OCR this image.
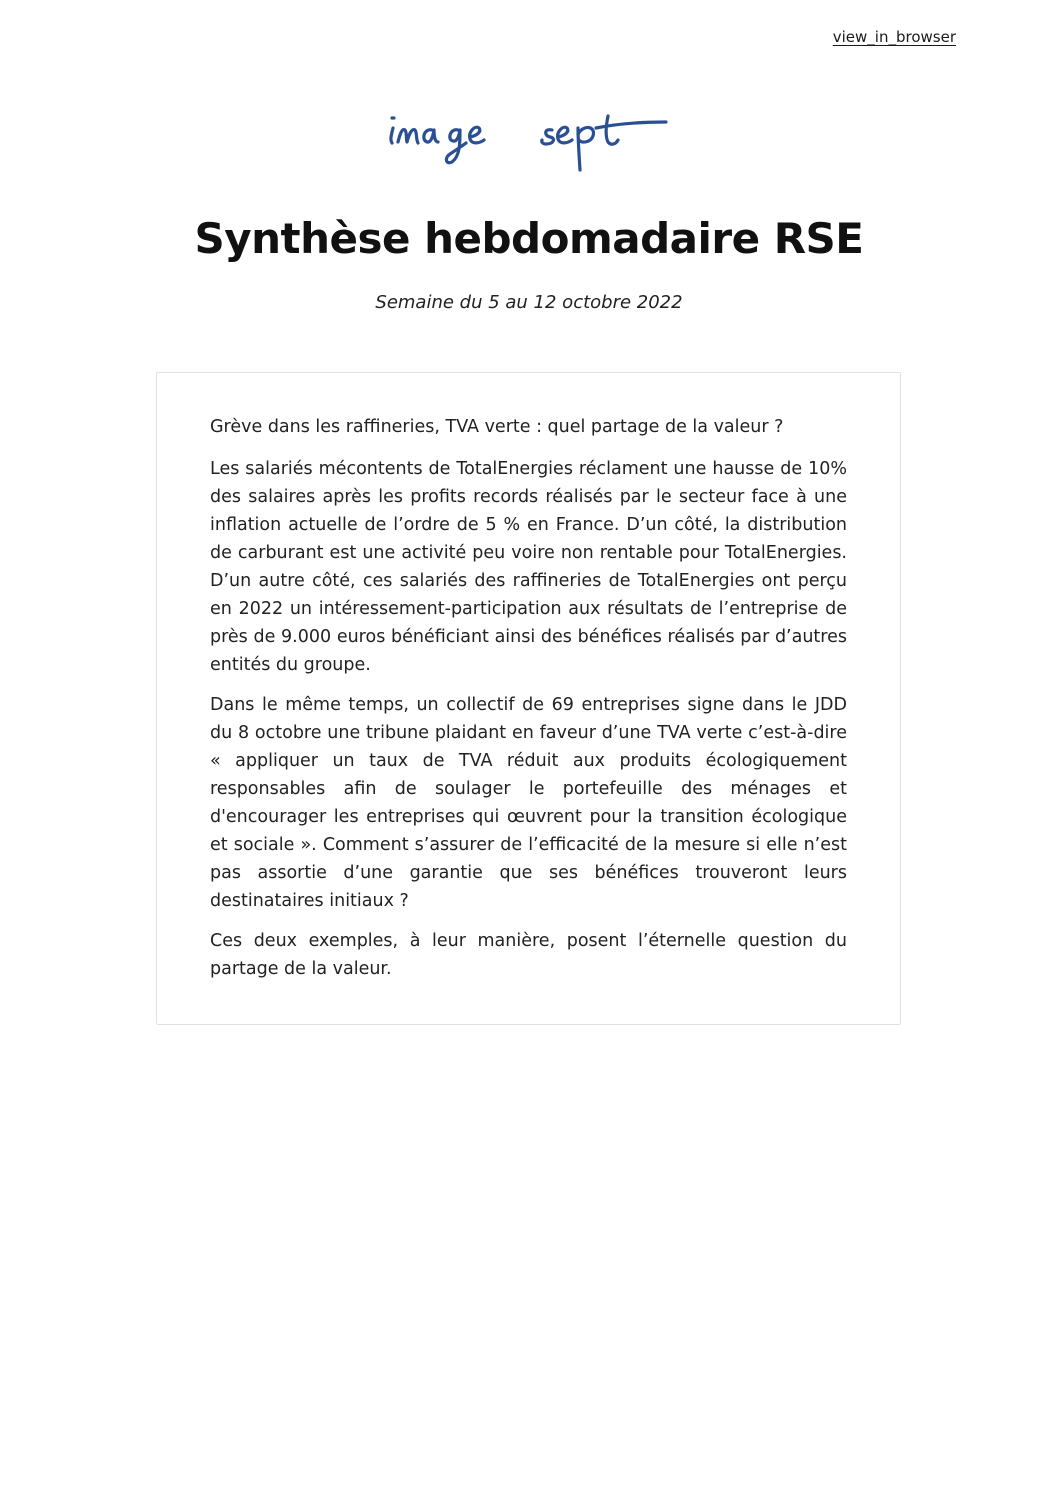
view_in_browser
Synthèse hebdomadaire RSE

Semaine du 5 au 12 octobre 2022

Grève dans les raffineries, TVA verte : quel partage de la valeur ?

Les salariés mécontents de TotalEnergies réclament une hausse de 10% des salaires après les profits records réalisés par le secteur face à une inflation actuelle de l’ordre de 5 % en France. D’un côté, la distribution de carburant est une activité peu voire non rentable pour TotalEnergies. D’un autre côté, ces salariés des raffineries de TotalEnergies ont perçu en 2022 un intéressement-participation aux résultats de l’entreprise de près de 9.000 euros bénéficiant ainsi des bénéfices réalisés par d’autres entités du groupe.

Dans le même temps, un collectif de 69 entreprises signe dans le JDD du 8 octobre une tribune plaidant en faveur d’une TVA verte c’est-à-dire « appliquer un taux de TVA réduit aux produits écologiquement responsables afin de soulager le portefeuille des ménages et d'encourager les entreprises qui œuvrent pour la transition écologique et sociale ». Comment s’assurer de l’efficacité de la mesure si elle n’est pas assortie d’une garantie que ses bénéfices trouveront leurs destinataires initiaux ?

Ces deux exemples, à leur manière, posent l’éternelle question du partage de la valeur.
